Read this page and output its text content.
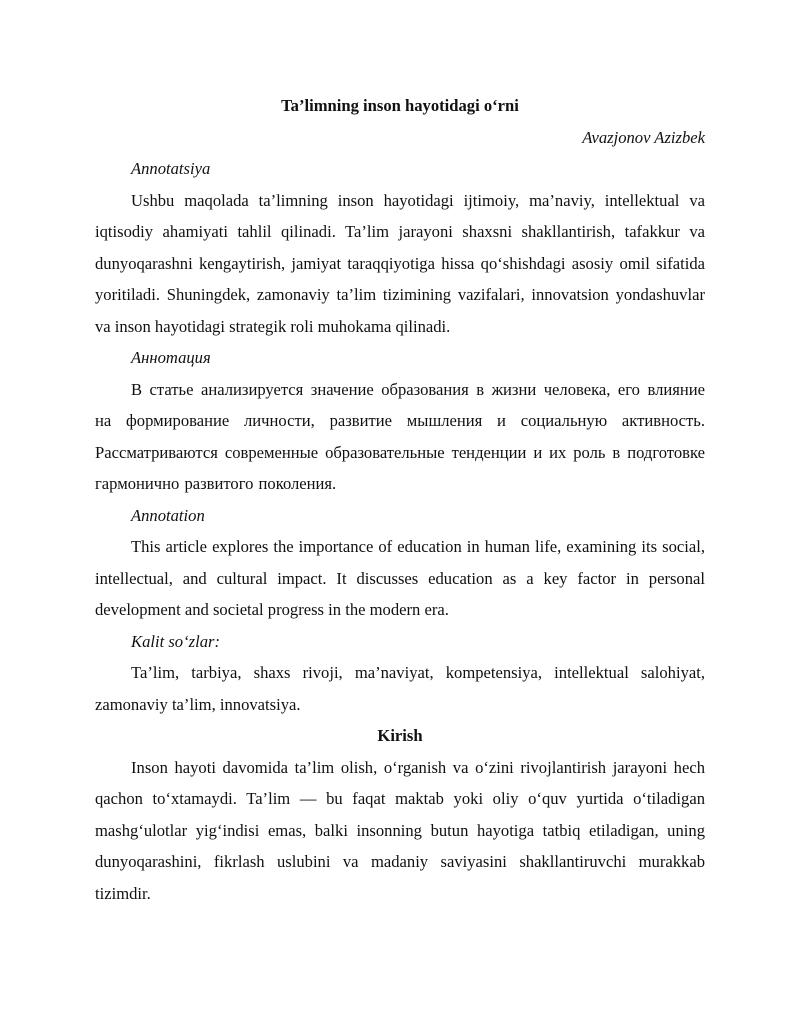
Ta’limning inson hayotidagi o‘rni

Avazjonov Azizbek

Annotatsiya

Ushbu maqolada ta’limning inson hayotidagi ijtimoiy, ma’naviy, intellektual va iqtisodiy ahamiyati tahlil qilinadi. Ta’lim jarayoni shaxsni shakllantirish, tafakkur va dunyoqarashni kengaytirish, jamiyat taraqqiyotiga hissa qo‘shishdagi asosiy omil sifatida yoritiladi. Shuningdek, zamonaviy ta’lim tizimining vazifalari, innovatsion yondashuvlar va inson hayotidagi strategik roli muhokama qilinadi.

Аннотация

В статье анализируется значение образования в жизни человека, его влияние на формирование личности, развитие мышления и социальную активность. Рассматриваются современные образовательные тенденции и их роль в подготовке гармонично развитого поколения.

Annotation

This article explores the importance of education in human life, examining its social, intellectual, and cultural impact. It discusses education as a key factor in personal development and societal progress in the modern era.

Kalit so‘zlar:

Ta’lim, tarbiya, shaxs rivoji, ma’naviyat, kompetensiya, intellektual salohiyat, zamonaviy ta’lim, innovatsiya.

Kirish

Inson hayoti davomida ta’lim olish, o‘rganish va o‘zini rivojlantirish jarayoni hech qachon to‘xtamaydi. Ta’lim — bu faqat maktab yoki oliy o‘quv yurtida o‘tiladigan mashg‘ulotlar yig‘indisi emas, balki insonning butun hayotiga tatbiq etiladigan, uning dunyoqarashini, fikrlash uslubini va madaniy saviyasini shakllantiruvchi murakkab tizimdir.
